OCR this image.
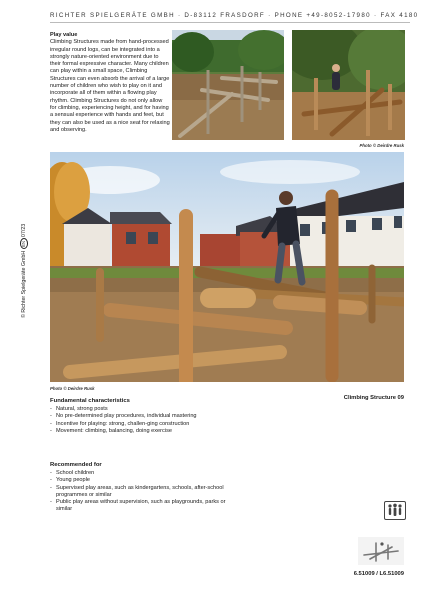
RICHTER SPIELGERÄTE GMBH · D-83112 FRASDORF · PHONE +49-8052-17980 · FAX 4180
Play value
Climbing Structures made from hand-processed irregular round logs, can be integrated into a strongly nature-oriented environment due to their formal expressive character. Many children can play within a small space, Climbing Structures can even absorb the arrival of a large number of children who wish to play on it and incorporate all of them within a flowing play rhythm. Climbing Structures do not only allow for climbing, experiencing height, and for having a sensual experience with hands and feet, but they can also be used as a nice seat for relaxing and observing.
Photo © Deirdre Rusk
Photo © Deirdre Rusk
Climbing Structure 09
Fundamental characteristics
- Natural, strong posts
- No pre-determined play procedures, individual mastering
- Incentive for playing: strong, challen-ging construction
- Movement: climbing, balancing, doing exercise
Recommended for
- School children
- Young people
- Supervised play areas, such as kindergartens, schools, after-school programmes or similar
- Public play areas without supervision, such as playgrounds, parks or similar
© Richter Spielgeräte GmbH EN 07/23
6.51009 / L6.51009
